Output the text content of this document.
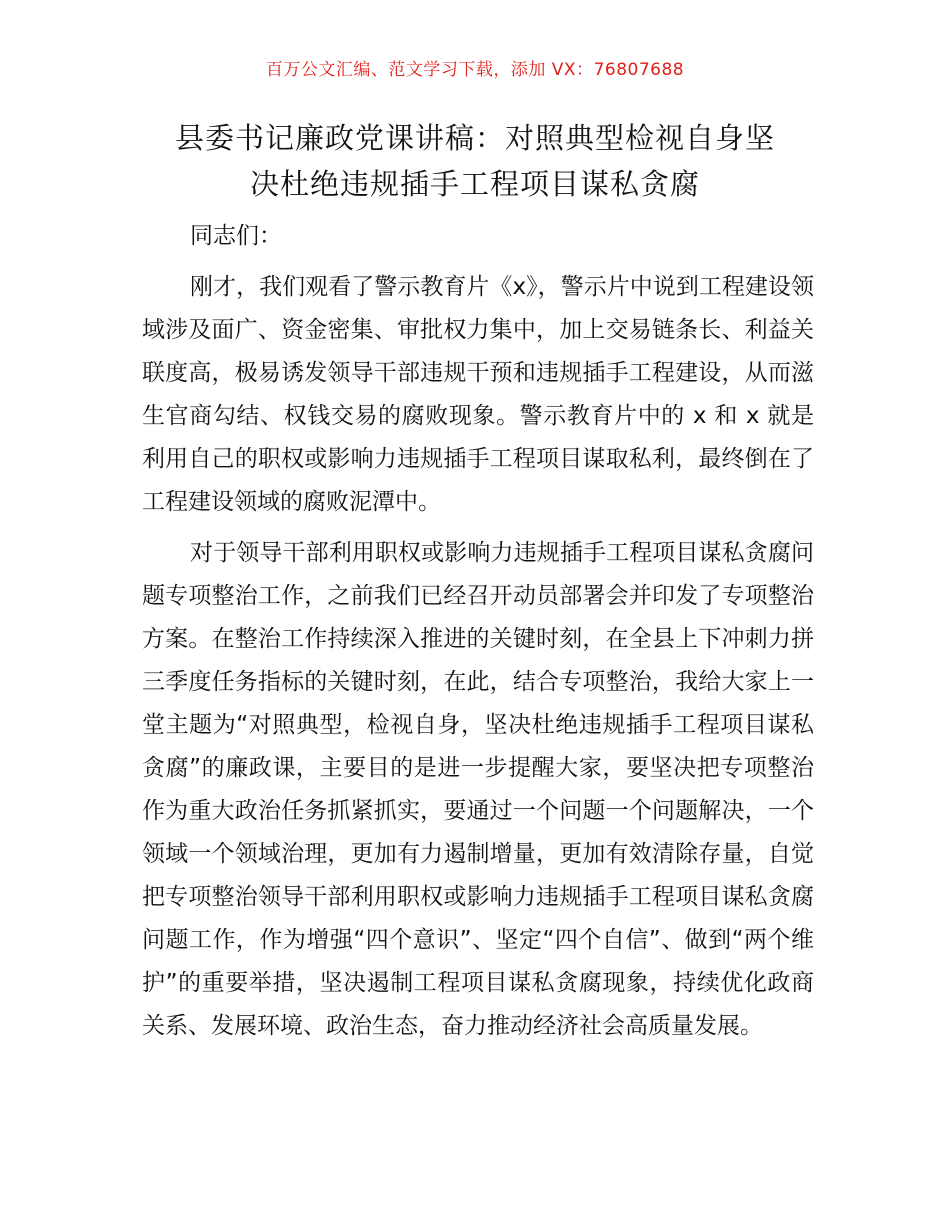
百万公文汇编、范文学习下载，添加 VX：76807688
县委书记廉政党课讲稿：对照典型检视自身坚
决杜绝违规插手工程项目谋私贪腐

同志们：

刚才，我们观看了警示教育片《x》，警示片中说到工程建设领域涉及面广、资金密集、审批权力集中，加上交易链条长、利益关联度高，极易诱发领导干部违规干预和违规插手工程建设，从而滋生官商勾结、权钱交易的腐败现象。警示教育片中的 x 和 x 就是利用自己的职权或影响力违规插手工程项目谋取私利，最终倒在了工程建设领域的腐败泥潭中。

对于领导干部利用职权或影响力违规插手工程项目谋私贪腐问题专项整治工作，之前我们已经召开动员部署会并印发了专项整治方案。在整治工作持续深入推进的关键时刻，在全县上下冲刺力拼三季度任务指标的关键时刻，在此，结合专项整治，我给大家上一堂主题为“对照典型，检视自身，坚决杜绝违规插手工程项目谋私贪腐”的廉政课，主要目的是进一步提醒大家，要坚决把专项整治作为重大政治任务抓紧抓实，要通过一个问题一个问题解决，一个领域一个领域治理，更加有力遏制增量，更加有效清除存量，自觉把专项整治领导干部利用职权或影响力违规插手工程项目谋私贪腐问题工作，作为增强“四个意识”、坚定“四个自信”、做到“两个维护”的重要举措，坚决遏制工程项目谋私贪腐现象，持续优化政商关系、发展环境、政治生态，奋力推动经济社会高质量发展。
